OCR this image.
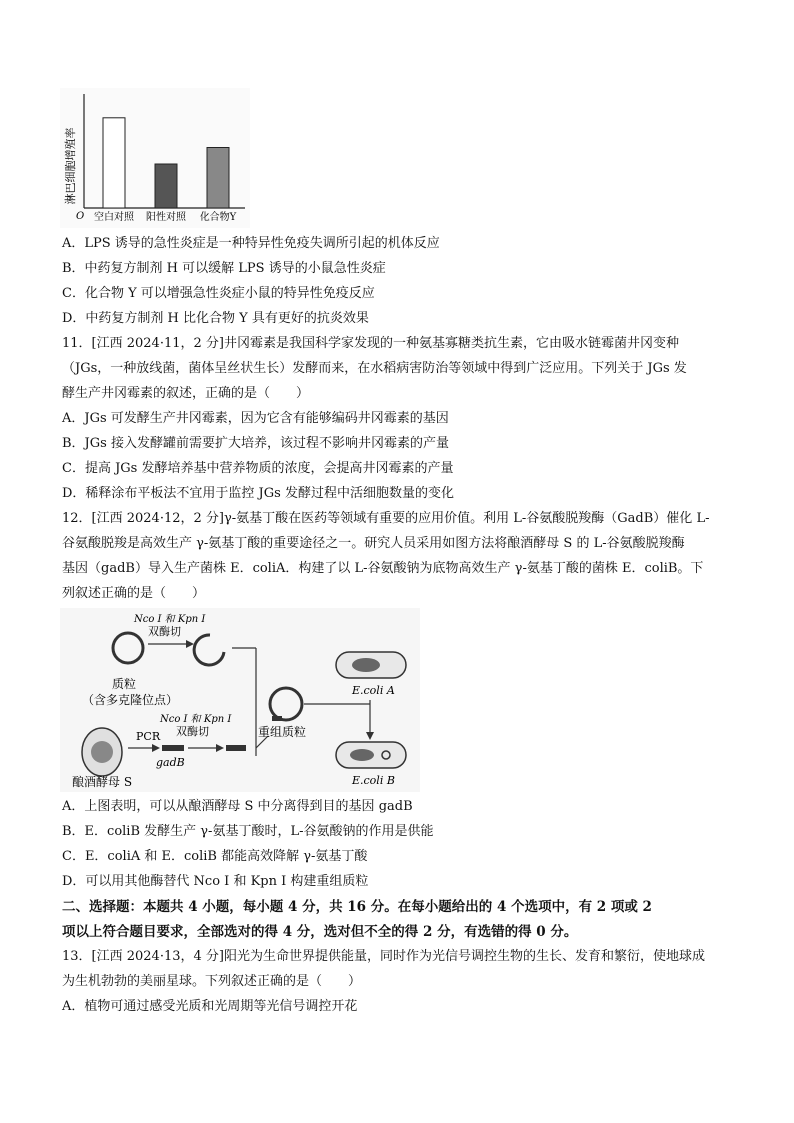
淋巴细胞增殖率
O 空白对照 阳性对照 化合物Y
A．LPS 诱导的急性炎症是一种特异性免疫失调所引起的机体反应
B．中药复方制剂 H 可以缓解 LPS 诱导的小鼠急性炎症
C．化合物 Y 可以增强急性炎症小鼠的特异性免疫反应
D．中药复方制剂 H 比化合物 Y 具有更好的抗炎效果
11．[江西 2024·11，2 分]井冈霉素是我国科学家发现的一种氨基寡糖类抗生素，它由吸水链霉菌井冈变种
（JGs，一种放线菌，菌体呈丝状生长）发酵而来，在水稻病害防治等领域中得到广泛应用。下列关于 JGs 发
酵生产井冈霉素的叙述，正确的是（　　）
A．JGs 可发酵生产井冈霉素，因为它含有能够编码井冈霉素的基因
B．JGs 接入发酵罐前需要扩大培养，该过程不影响井冈霉素的产量
C．提高 JGs 发酵培养基中营养物质的浓度，会提高井冈霉素的产量
D．稀释涂布平板法不宜用于监控 JGs 发酵过程中活细胞数量的变化
12．[江西 2024·12，2 分]γ-氨基丁酸在医药等领域有重要的应用价值。利用 L-谷氨酸脱羧酶（GadB）催化 L-
谷氨酸脱羧是高效生产 γ-氨基丁酸的重要途径之一。研究人员采用如图方法将酿酒酵母 S 的 L-谷氨酸脱羧酶
基因（gadB）导入生产菌株 E．coliA．构建了以 L-谷氨酸钠为底物高效生产 γ-氨基丁酸的菌株 E．coliB。下
列叙述正确的是（　　）
质粒
（含多克隆位点）
Nco Ⅰ 和 Kpn Ⅰ
双酶切
酿酒酵母 S
PCR
gadB
Nco Ⅰ 和 Kpn Ⅰ
双酶切	重组质粒
E.coli A
E.coli B
A．上图表明，可以从酿酒酵母 S 中分离得到目的基因 gadB
B．E．coliB 发酵生产 γ-氨基丁酸时，L-谷氨酸钠的作用是供能
C．E．coliA 和 E．coliB 都能高效降解 γ-氨基丁酸
D．可以用其他酶替代 Nco Ⅰ 和 Kpn Ⅰ 构建重组质粒
二、选择题：本题共 4 小题，每小题 4 分，共 16 分。在每小题给出的 4 个选项中，有 2 项或 2
项以上符合题目要求，全部选对的得 4 分，选对但不全的得 2 分，有选错的得 0 分。
13．[江西 2024·13，4 分]阳光为生命世界提供能量，同时作为光信号调控生物的生长、发育和繁衍，使地球成
为生机勃勃的美丽星球。下列叙述正确的是（　　）
A．植物可通过感受光质和光周期等光信号调控开花
